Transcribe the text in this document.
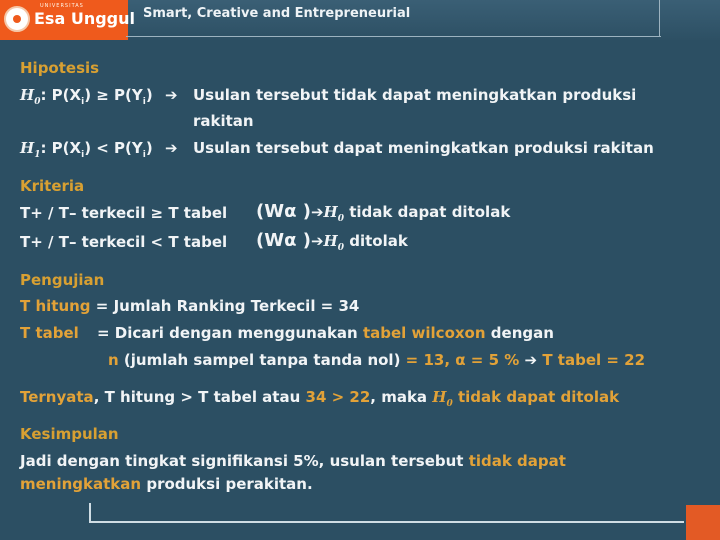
UNIVERSITAS
Esa Unggul Smart, Creative and Entrepreneurial
Hipotesis
$H_0$: $P(X_i) \ge P(Y_i)$ ➔ Usulan tersebut tidak dapat meningkatkan produksi
rakitan
$H_1$: $P(X_i) < P(Y_i)$ ➔ Usulan tersebut dapat meningkatkan produksi rakitan
Kriteria
T+ / T– terkecil ≥ T tabel (Wα )$➔H_0$ tidak dapat ditolak
T+ / T– terkecil < T tabel (Wα )$➔H_0$ ditolak
Pengujian
T hitung = Jumlah Ranking Terkecil = 34
T tabel = Dicari dengan menggunakan tabel wilcoxon dengan
n (jumlah sampel tanpa tanda nol) = 13, α = 5 % ➔ T tabel = 22
Ternyata, T hitung > T tabel atau 34 > 22, maka $H_0$ tidak dapat ditolak
Kesimpulan
Jadi dengan tingkat signifikansi 5%, usulan tersebut tidak dapat
meningkatkan produksi perakitan.
